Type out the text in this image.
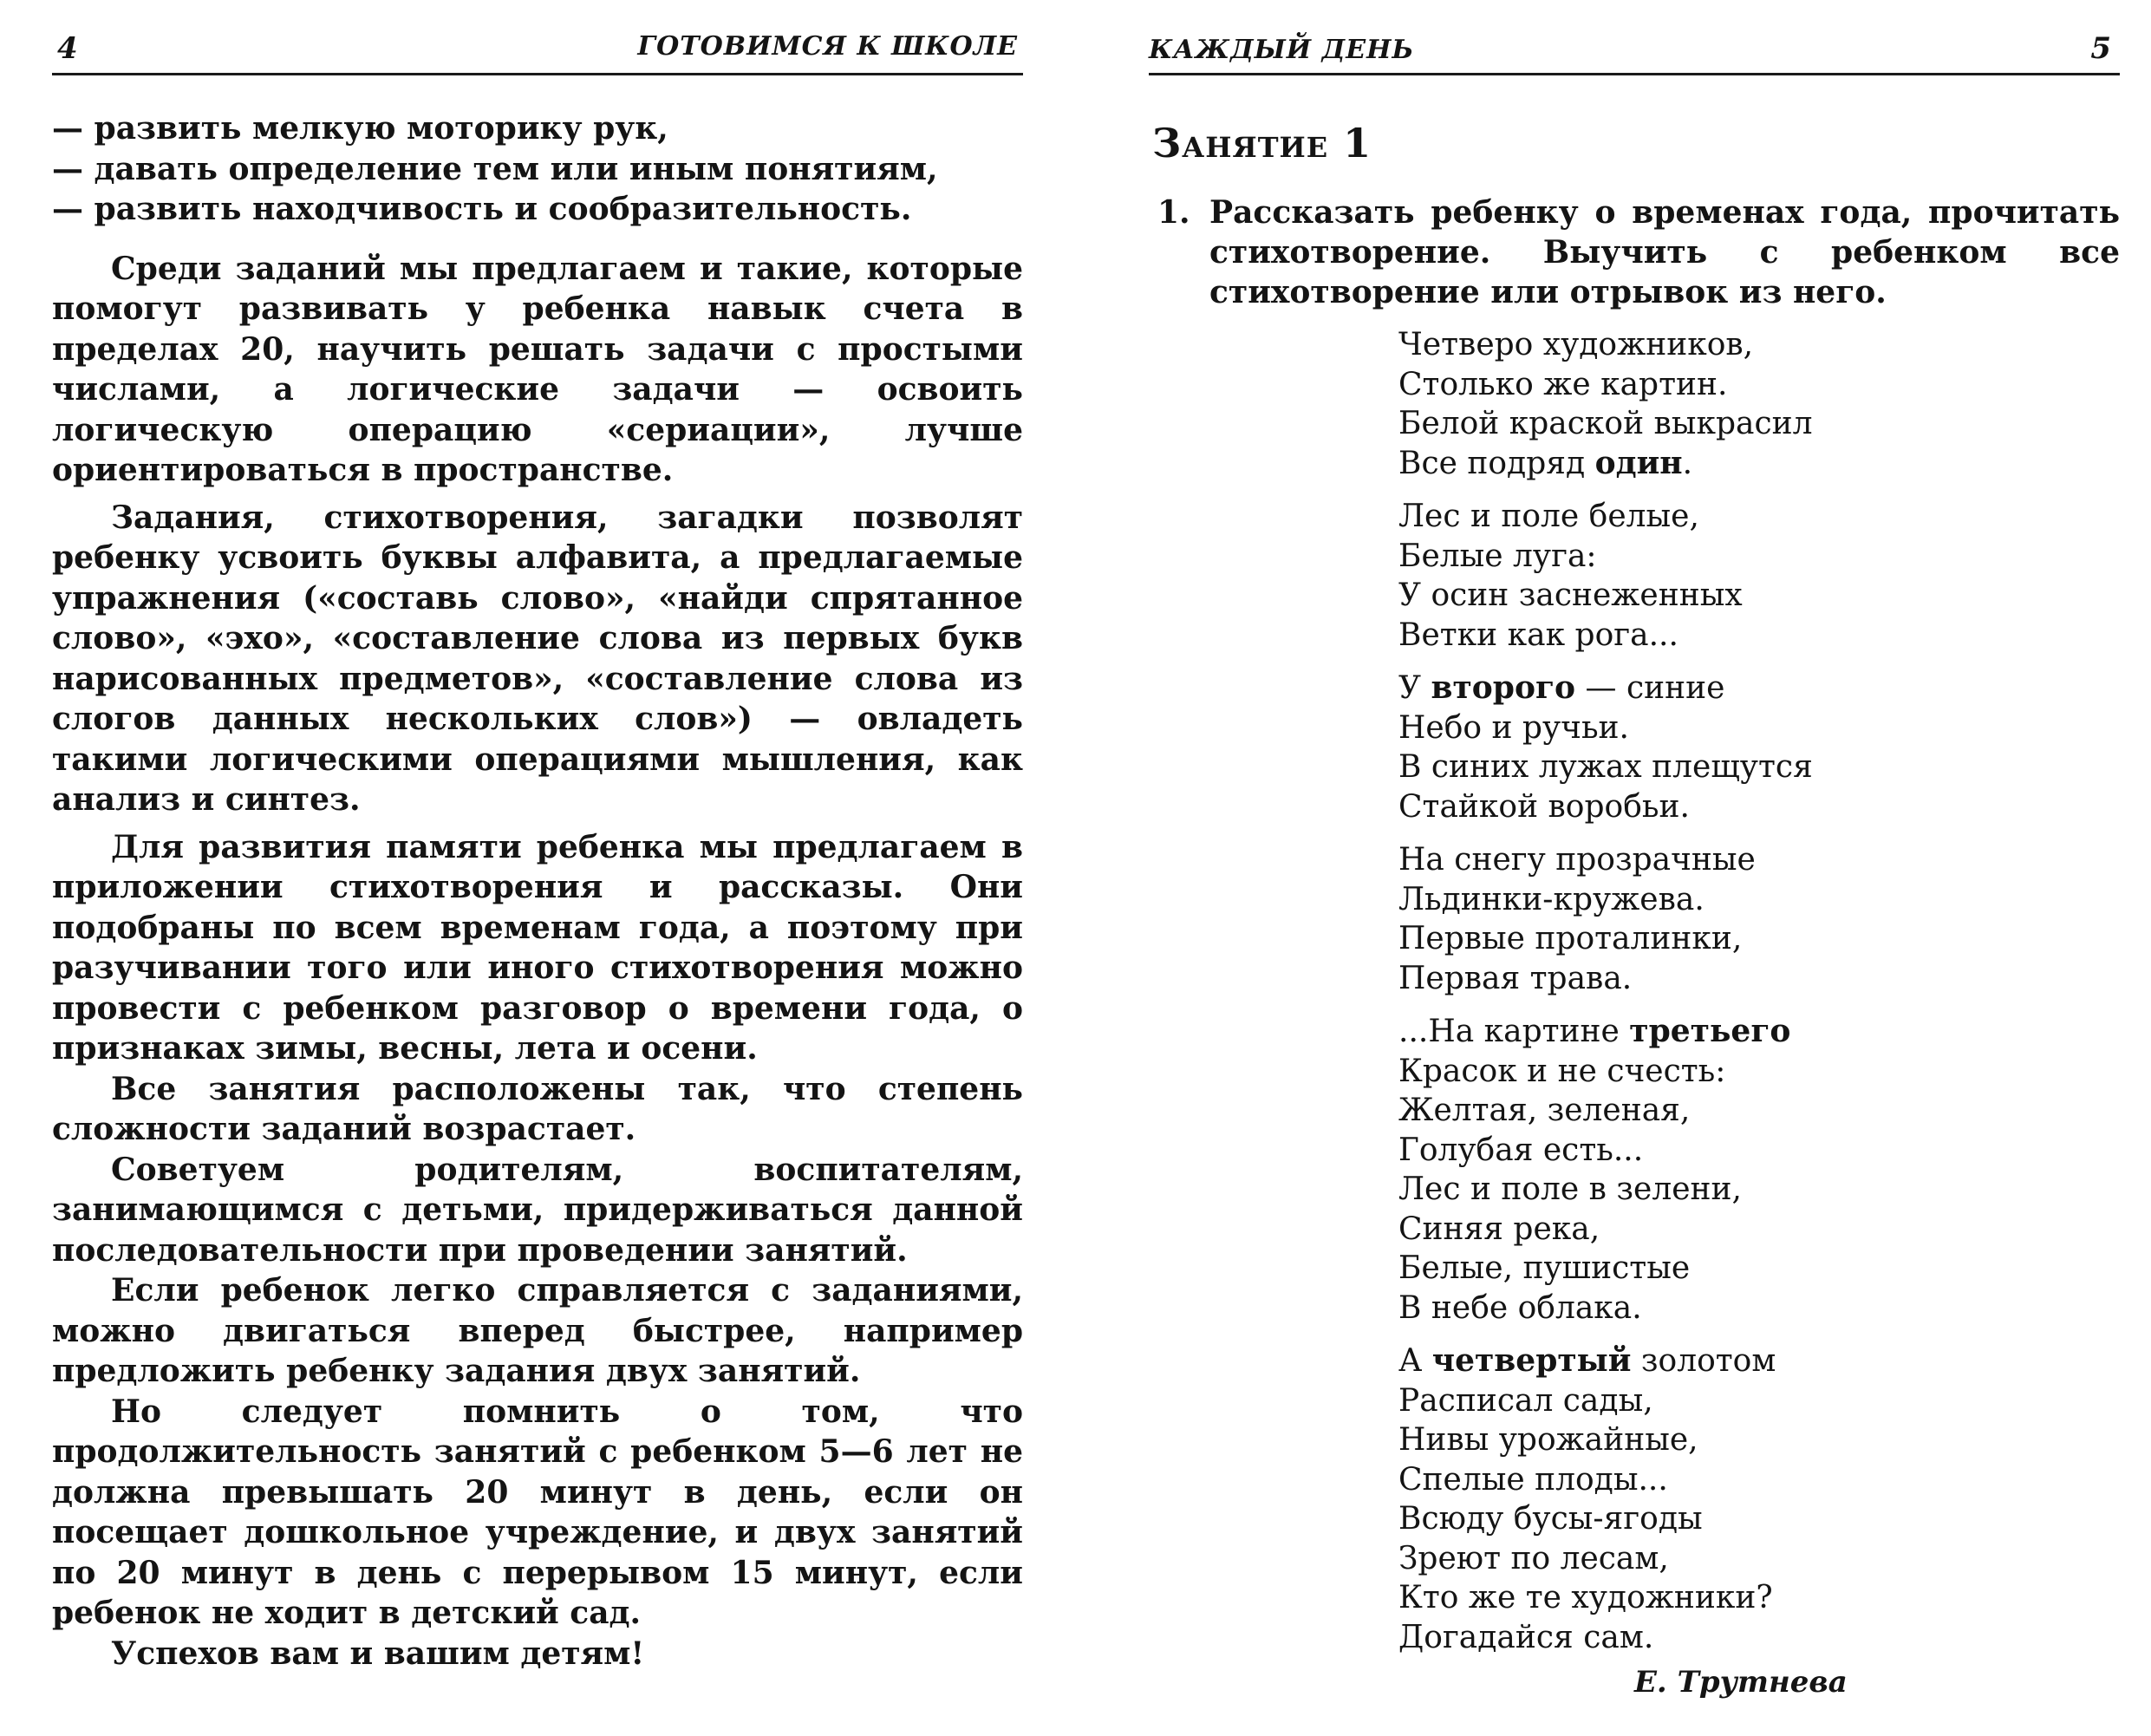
4	ГОТОВИМСЯ К ШКОЛЕ

— развить мелкую моторику рук,

— давать определение тем или иным понятиям,

— развить находчивость и сообразительность.

Среди заданий мы предлагаем и такие, которые помогут развивать у ребенка навык счета в пределах 20, научить решать задачи с простыми числами, а логические задачи — освоить логическую операцию «сериации», лучше ориентироваться в пространстве.

Задания, стихотворения, загадки позволят ребенку усвоить буквы алфавита, а предлагаемые упражнения («составь слово», «найди спрятанное слово», «эхо», «составление слова из первых букв нарисованных предметов», «составление слова из слогов данных нескольких слов») — овладеть такими логическими операциями мышления, как анализ и синтез.

Для развития памяти ребенка мы предлагаем в приложении стихотворения и рассказы. Они подобраны по всем временам года, а поэтому при разучивании того или иного стихотворения можно провести с ребенком разговор о времени года, о признаках зимы, весны, лета и осени.

Все занятия расположены так, что степень сложности заданий возрастает.

Советуем родителям, воспитателям, занимающимся с детьми, придерживаться данной последовательности при проведении занятий.

Если ребенок легко справляется с заданиями, можно двигаться вперед быстрее, например предложить ребенку задания двух занятий.

Но следует помнить о том, что продолжительность занятий с ребенком 5—6 лет не должна превышать 20 минут в день, если он посещает дошкольное учреждение, и двух занятий по 20 минут в день с перерывом 15 минут, если ребенок не ходит в детский сад.

Успехов вам и вашим детям!

КАЖДЫЙ ДЕНЬ	5
Занятие 1
1. Рассказать ребенку о временах года, прочитать стихотворение. Выучить с ребенком все стихотворение или отрывок из него.
Четверо художников,
Столько же картин.
Белой краской выкрасил
Все подряд один.
Лес и поле белые,
Белые луга:
У осин заснеженных
Ветки как рога...
У второго — синие
Небо и ручьи.
В синих лужах плещутся
Стайкой воробьи.
На снегу прозрачные
Льдинки-кружева.
Первые проталинки,
Первая трава.
...На картине третьего
Красок и не счесть:
Желтая, зеленая,
Голубая есть...
Лес и поле в зелени,
Синяя река,
Белые, пушистые
В небе облака.
А четвертый золотом
Расписал сады,
Нивы урожайные,
Спелые плоды...
Всюду бусы-ягоды
Зреют по лесам,
Кто же те художники?
Догадайся сам.
Е. Трутнева
